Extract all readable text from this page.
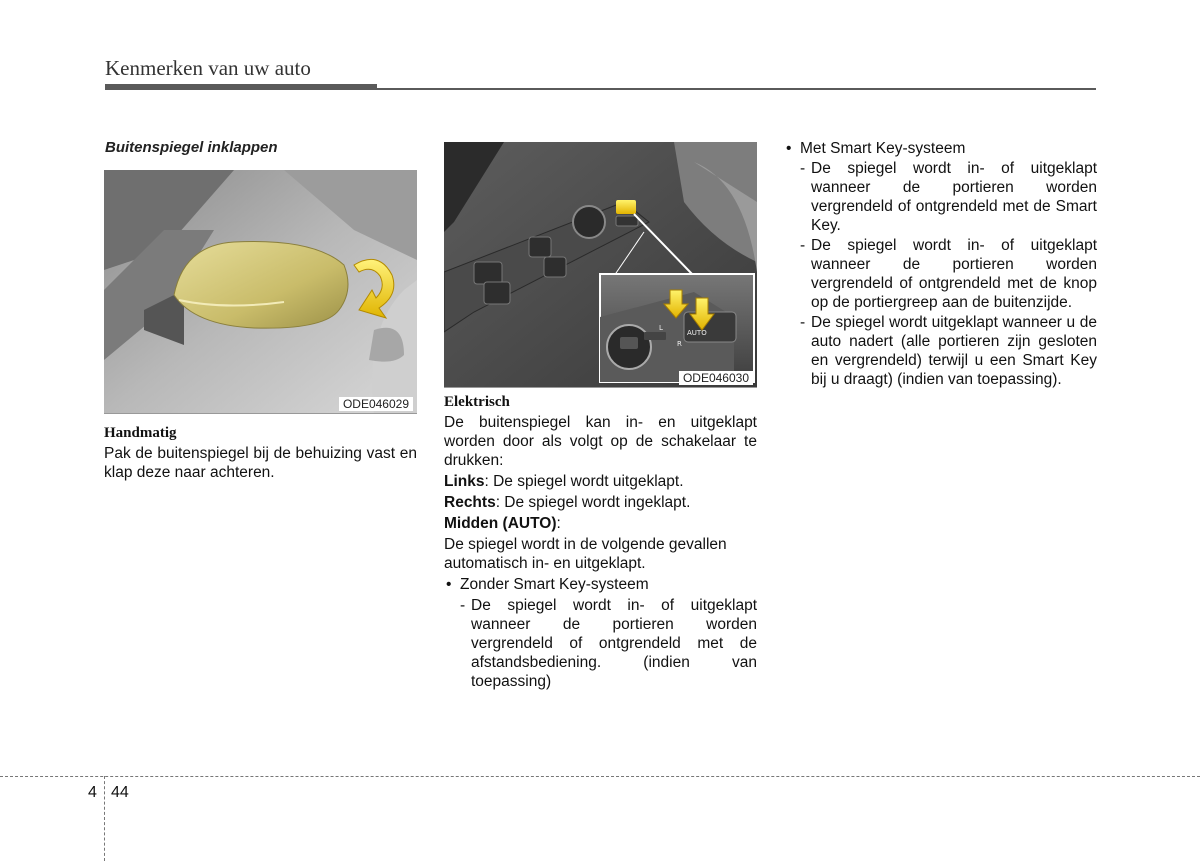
Kenmerken van uw auto
Buitenspiegel inklappen
ODE046029
AUTO
L
R
ODE046030
Handmatig
Pak de buitenspiegel bij de behuizing vast en klap deze naar achteren.
Elektrisch
De buitenspiegel kan in- en uitgeklapt worden door als volgt op de schakelaar te drukken:
Links: De spiegel wordt uitgeklapt.
Rechts: De spiegel wordt ingeklapt.
Midden (AUTO):
De spiegel wordt in de volgende gevallen automatisch in- en uitgeklapt.
• Zonder Smart Key-systeem
- De spiegel wordt in- of uitgeklapt wanneer de portieren worden vergrendeld of ontgrendeld met de afstandsbediening. (indien van toepassing)
• Met Smart Key-systeem
- De spiegel wordt in- of uitgeklapt wanneer de portieren worden vergrendeld of ontgrendeld met de Smart Key.
- De spiegel wordt in- of uitgeklapt wanneer de portieren worden vergrendeld of ontgrendeld met de knop op de portiergreep aan de buitenzijde.
- De spiegel wordt uitgeklapt wanneer u de auto nadert (alle portieren zijn gesloten en vergrendeld) terwijl u een Smart Key bij u draagt) (indien van toepassing).
4 44
